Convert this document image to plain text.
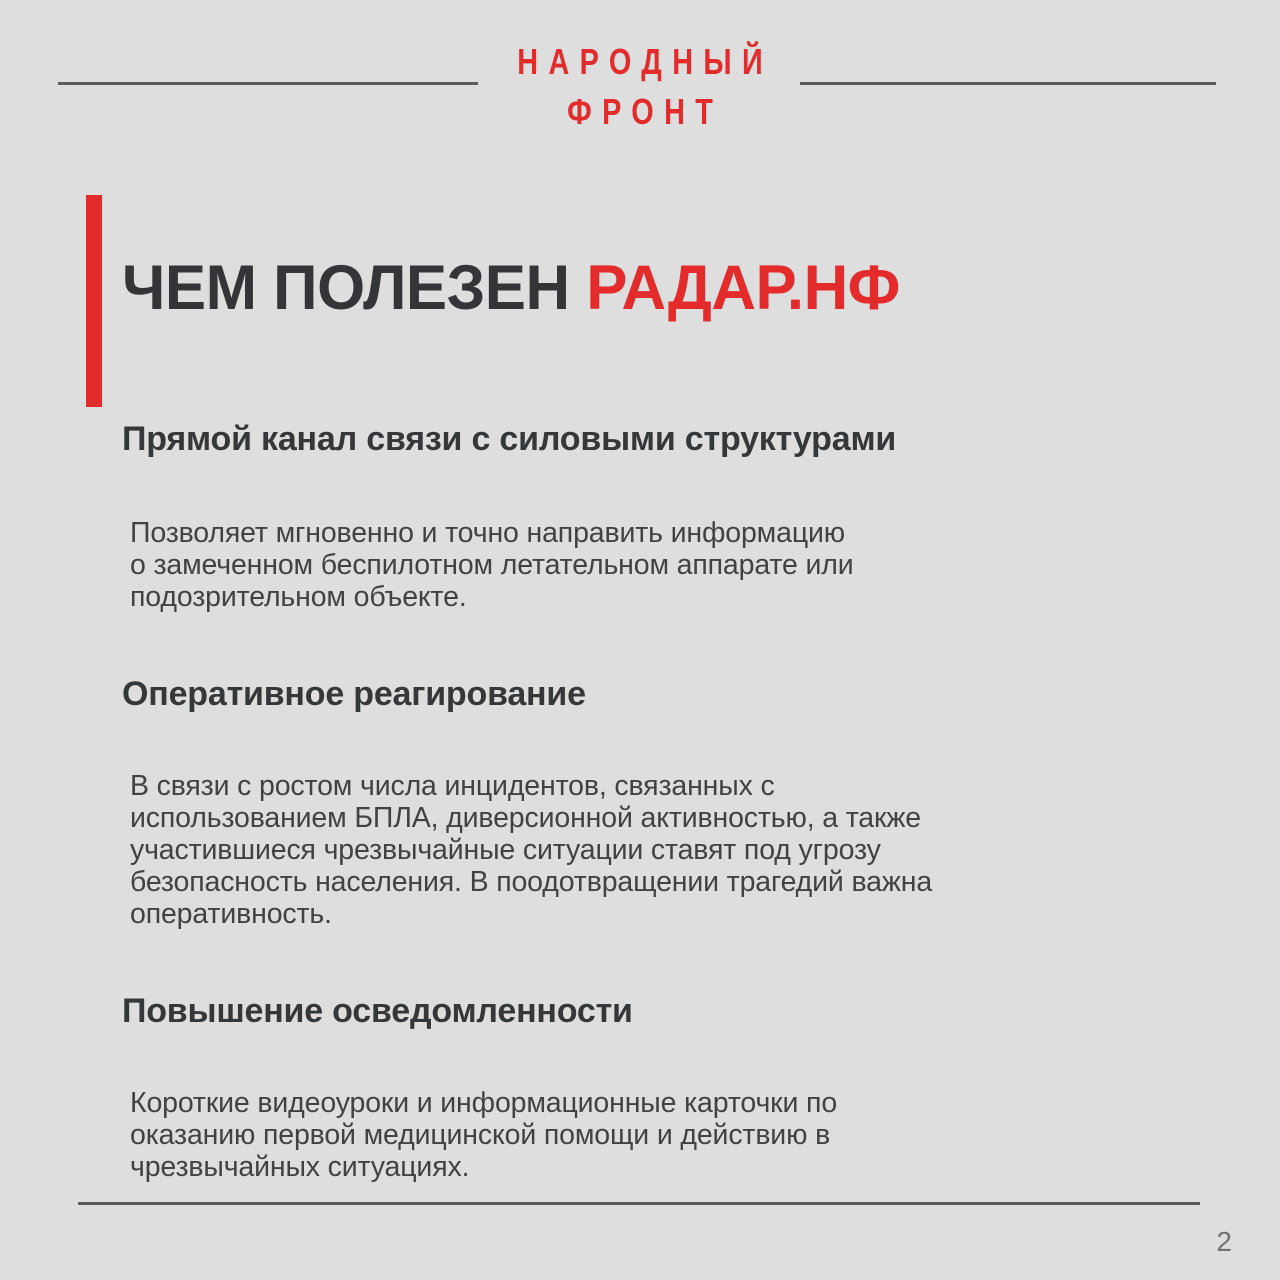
НАРОДНЫЙ
ФРОНТ
ЧЕМ ПОЛЕЗЕН РАДАР.НФ
Прямой канал связи с силовыми структурами

Позволяет мгновенно и точно направить информацию
о замеченном беспилотном летательном аппарате или
подозрительном объекте.

Оперативное реагирование

В связи с ростом числа инцидентов, связанных с
использованием БПЛА, диверсионной активностью, а также
участившиеся чрезвычайные ситуации ставят под угрозу
безопасность населения. В поодотвращении трагедий важна
оперативность.

Повышение осведомленности

Короткие видеоуроки и информационные карточки по
оказанию первой медицинской помощи и действию в
чрезвычайных ситуациях.

2
